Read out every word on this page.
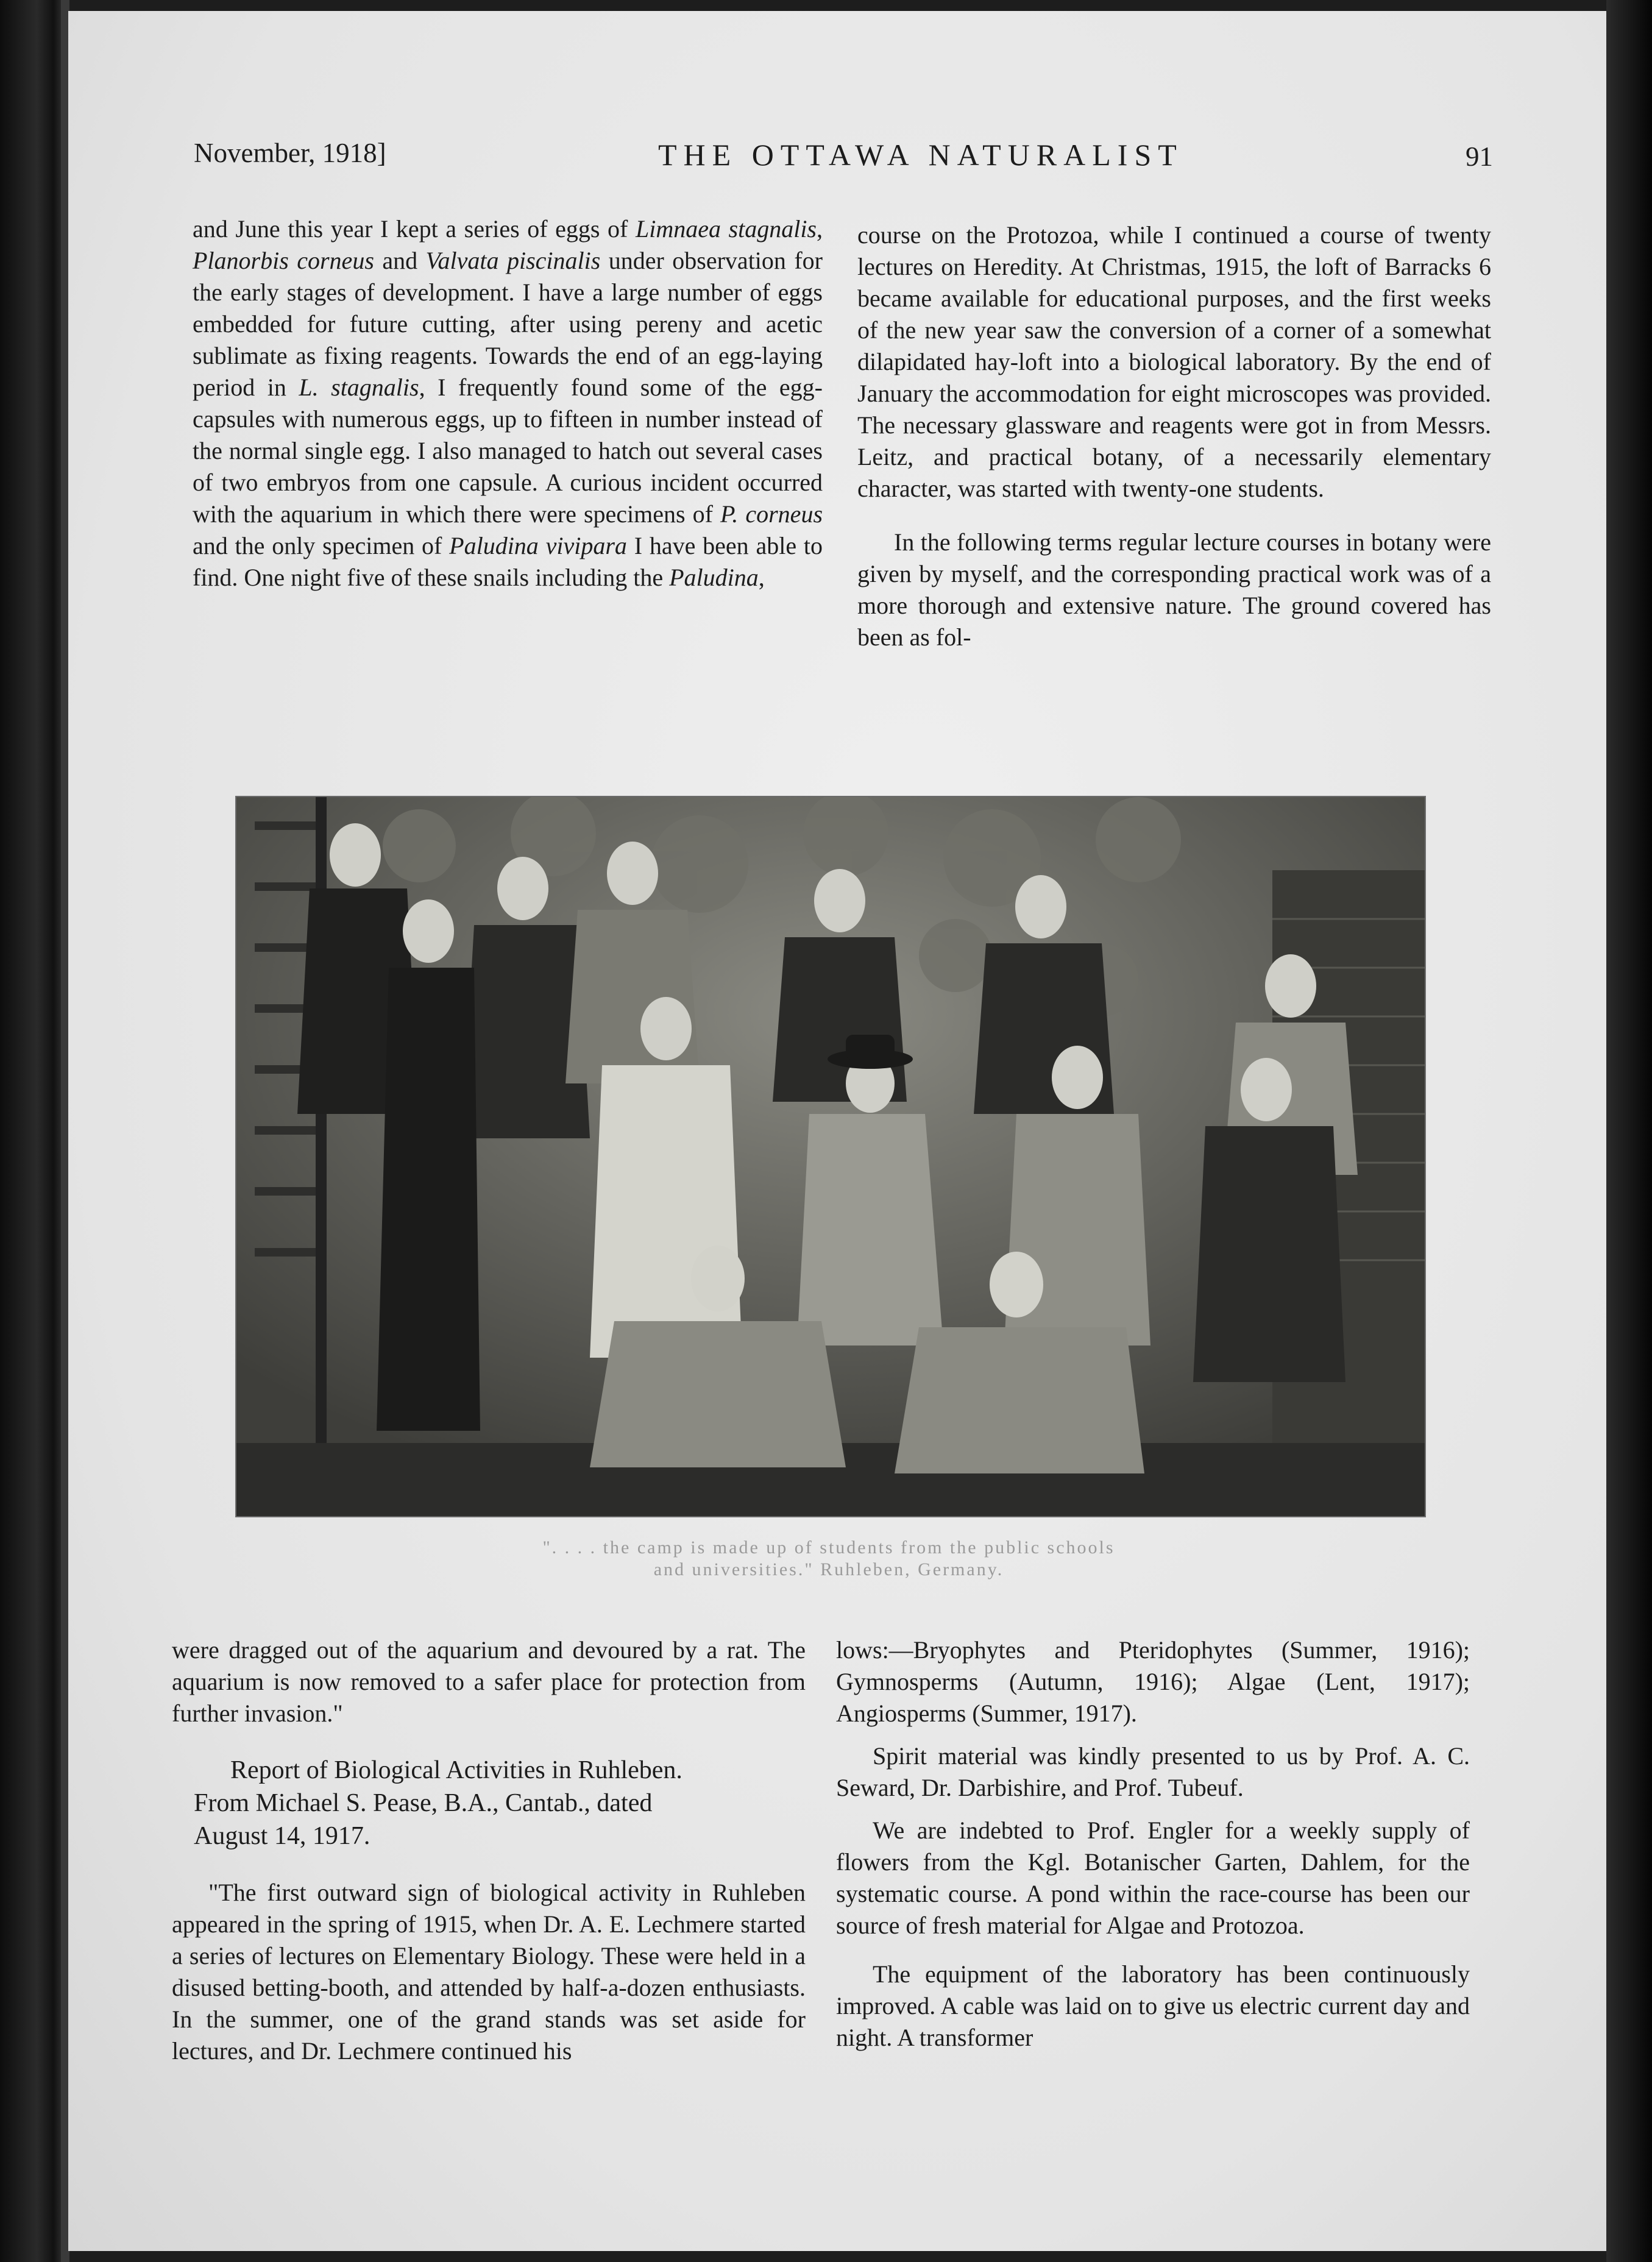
November, 1918]	THE OTTAWA NATURALIST	91

and June this year I kept a series of eggs of Limnaea stagnalis, Planorbis corneus and Valvata piscinalis under observation for the early stages of development. I have a large number of eggs embedded for future cutting, after using pereny and acetic sublimate as fixing reagents. Towards the end of an egg-laying period in L. stagnalis, I frequently found some of the egg-capsules with numerous eggs, up to fifteen in number instead of the normal single egg. I also managed to hatch out several cases of two embryos from one capsule. A curious incident occurred with the aquarium in which there were specimens of P. corneus and the only specimen of Paludina vivipara I have been able to find. One night five of these snails including the Paludina,

course on the Protozoa, while I continued a course of twenty lectures on Heredity. At Christmas, 1915, the loft of Barracks 6 became available for educational purposes, and the first weeks of the new year saw the conversion of a corner of a somewhat dilapidated hay-loft into a biological laboratory. By the end of January the accommodation for eight microscopes was provided. The necessary glassware and reagents were got in from Messrs. Leitz, and practical botany, of a necessarily elementary character, was started with twenty-one students.

In the following terms regular lecture courses in botany were given by myself, and the corresponding practical work was of a more thorough and extensive nature. The ground covered has been as fol-

". . . . the camp is made up of students from the public schools
and universities." Ruhleben, Germany.

were dragged out of the aquarium and devoured by a rat. The aquarium is now removed to a safer place for protection from further invasion."

Report of Biological Activities in Ruhleben.
From Michael S. Pease, B.A., Cantab., dated
August 14, 1917.

"The first outward sign of biological activity in Ruhleben appeared in the spring of 1915, when Dr. A. E. Lechmere started a series of lectures on Elementary Biology. These were held in a disused betting-booth, and attended by half-a-dozen enthusiasts. In the summer, one of the grand stands was set aside for lectures, and Dr. Lechmere continued his

lows:—Bryophytes and Pteridophytes (Summer, 1916); Gymnosperms (Autumn, 1916); Algae (Lent, 1917); Angiosperms (Summer, 1917).

Spirit material was kindly presented to us by Prof. A. C. Seward, Dr. Darbishire, and Prof. Tubeuf.

We are indebted to Prof. Engler for a weekly supply of flowers from the Kgl. Botanischer Garten, Dahlem, for the systematic course. A pond within the race-course has been our source of fresh material for Algae and Protozoa.

The equipment of the laboratory has been continuously improved. A cable was laid on to give us electric current day and night. A transformer
